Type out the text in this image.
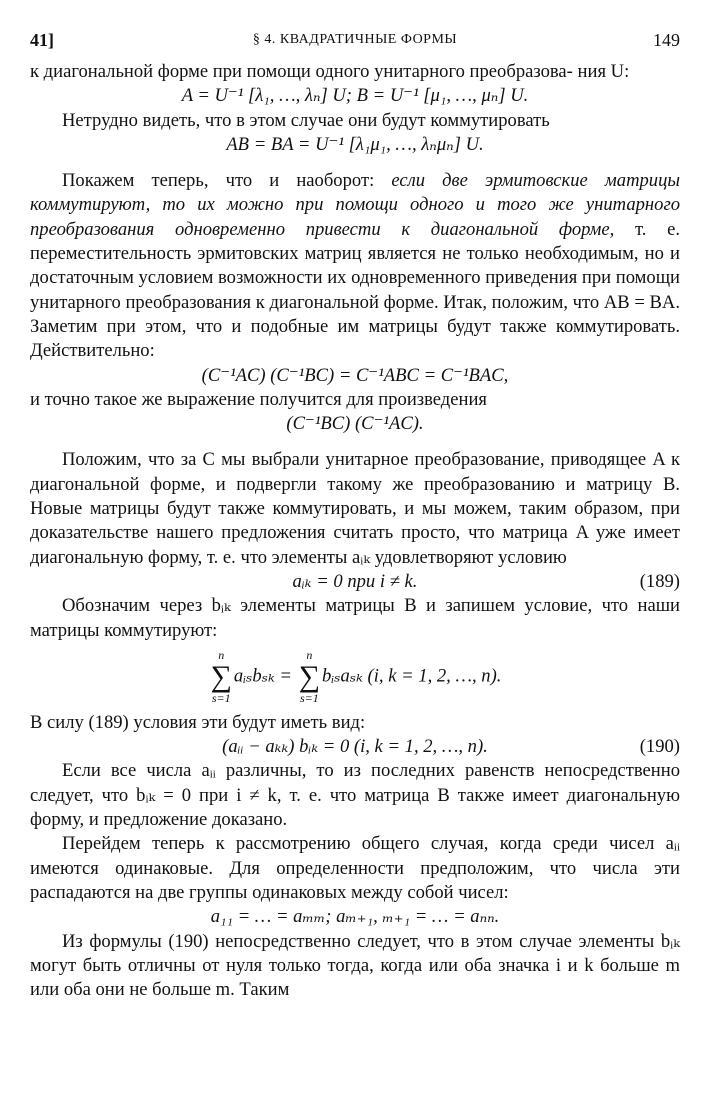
41]	§ 4. КВАДРАТИЧНЫЕ ФОРМЫ	149

к диагональной форме при помощи одного унитарного преобразова- ния U:

A = U⁻¹ [λ₁, …, λₙ] U; B = U⁻¹ [μ₁, …, μₙ] U.

Нетрудно видеть, что в этом случае они будут коммутировать

AB = BA = U⁻¹ [λ₁μ₁, …, λₙμₙ] U.

Покажем теперь, что и наоборот: если две эрмитовские матрицы коммутируют, то их можно при помощи одного и того же унитарного преобразования одновременно привести к диагональной форме, т. е. переместительность эрмитовских матриц является не только необходимым, но и достаточным условием возможности их одновременного приведения при помощи унитарного преобразования к диагональной форме. Итак, положим, что AB = BA. Заметим при этом, что и подобные им матрицы будут также коммутировать. Действительно:

(C⁻¹AC) (C⁻¹BC) = C⁻¹ABC = C⁻¹BAC,

и точно такое же выражение получится для произведения

(C⁻¹BC) (C⁻¹AC).

Положим, что за C мы выбрали унитарное преобразование, приводящее A к диагональной форме, и подвергли такому же преобразованию и матрицу B. Новые матрицы будут также коммутировать, и мы можем, таким образом, при доказательстве нашего предложения считать просто, что матрица A уже имеет диагональную форму, т. е. что элементы aᵢₖ удовлетворяют условию

aᵢₖ = 0 при i ≠ k.	(189)

Обозначим через bᵢₖ элементы матрицы B и запишем условие, что наши матрицы коммутируют:

n
∑
s=1
aᵢₛbₛₖ =
n
∑
s=1
bᵢₛaₛₖ (i, k = 1, 2, …, n).

В силу (189) условия эти будут иметь вид:

(aᵢᵢ − aₖₖ) bᵢₖ = 0 (i, k = 1, 2, …, n).	(190)

Если все числа aᵢᵢ различны, то из последних равенств непосредственно следует, что bᵢₖ = 0 при i ≠ k, т. е. что матрица B также имеет диагональную форму, и предложение доказано.

Перейдем теперь к рассмотрению общего случая, когда среди чисел aᵢᵢ имеются одинаковые. Для определенности предположим, что числа эти распадаются на две группы одинаковых между собой чисел:

a₁₁ = … = aₘₘ; aₘ₊₁, ₘ₊₁ = … = aₙₙ.

Из формулы (190) непосредственно следует, что в этом случае элементы bᵢₖ могут быть отличны от нуля только тогда, когда или оба значка i и k больше m или оба они не больше m. Таким
